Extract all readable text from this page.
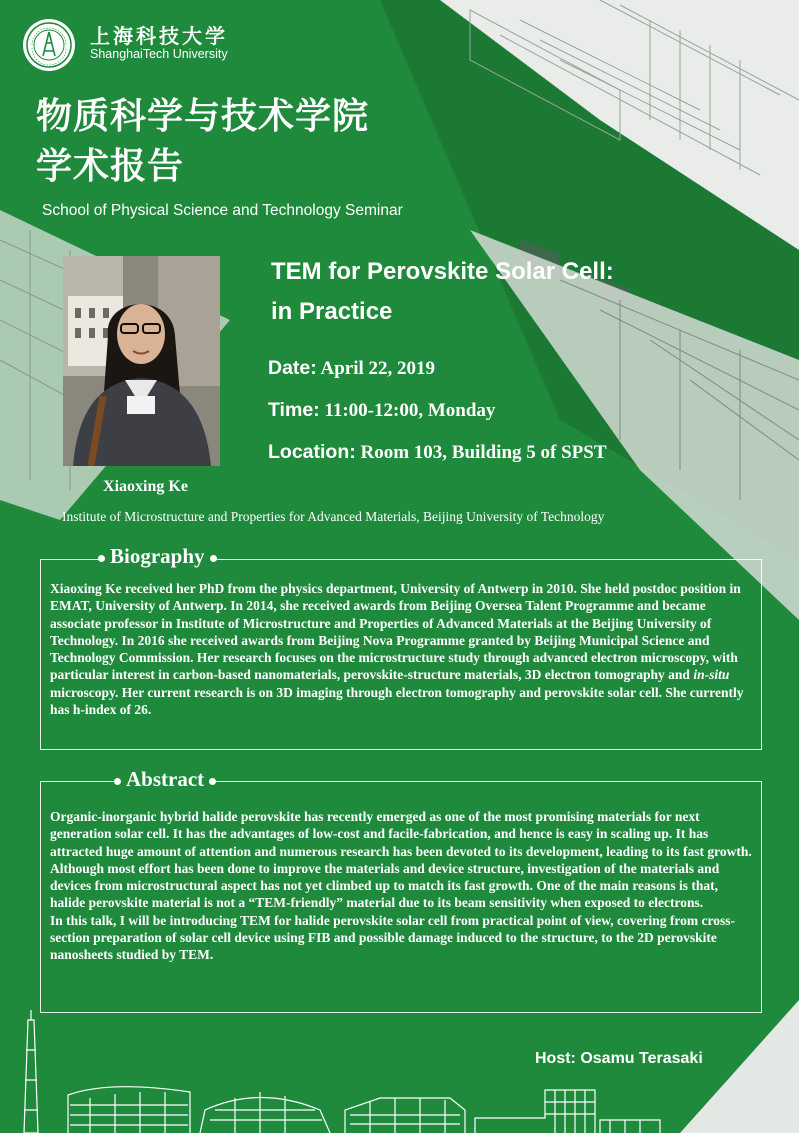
上海科技大学
ShanghaiTech University
物质科学与技术学院
学术报告
School of Physical Science and Technology Seminar
Xiaoxing Ke
Institute of Microstructure and Properties for Advanced Materials, Beijing University of Technology
TEM for Perovskite Solar Cell:
in Practice
Date: April 22, 2019
Time: 11:00-12:00, Monday
Location: Room 103, Building 5 of SPST
Xiaoxing Ke received her PhD from the physics department, University of Antwerp in 2010. She held postdoc position in EMAT, University of Antwerp. In 2014, she received awards from Beijing Oversea Talent Programme and became associate professor in Institute of Microstructure and Properties of Advanced Materials at the Beijing University of Technology. In 2016 she received awards from Beijing Nova Programme granted by Beijing Municipal Science and Technology Commission. Her research focuses on the microstructure study through advanced electron microscopy, with particular interest in carbon-based nanomaterials, perovskite-structure materials, 3D electron tomography and in-situ microscopy. Her current research is on 3D imaging through electron tomography and perovskite solar cell. She currently has h-index of 26.
Biography
Organic-inorganic hybrid halide perovskite has recently emerged as one of the most promising materials for next generation solar cell. It has the advantages of low-cost and facile-fabrication, and hence is easy in scaling up. It has attracted huge amount of attention and numerous research has been devoted to its development, leading to its fast growth. Although most effort has been done to improve the materials and device structure, investigation of the materials and devices from microstructural aspect has not yet climbed up to match its fast growth. One of the main reasons is that, halide perovskite material is not a “TEM-friendly” material due to its beam sensitivity when exposed to electrons.
In this talk, I will be introducing TEM for halide perovskite solar cell from practical point of view, covering from cross-section preparation of solar cell device using FIB and possible damage induced to the structure, to the 2D perovskite nanosheets studied by TEM.
Abstract
Host: Osamu Terasaki
